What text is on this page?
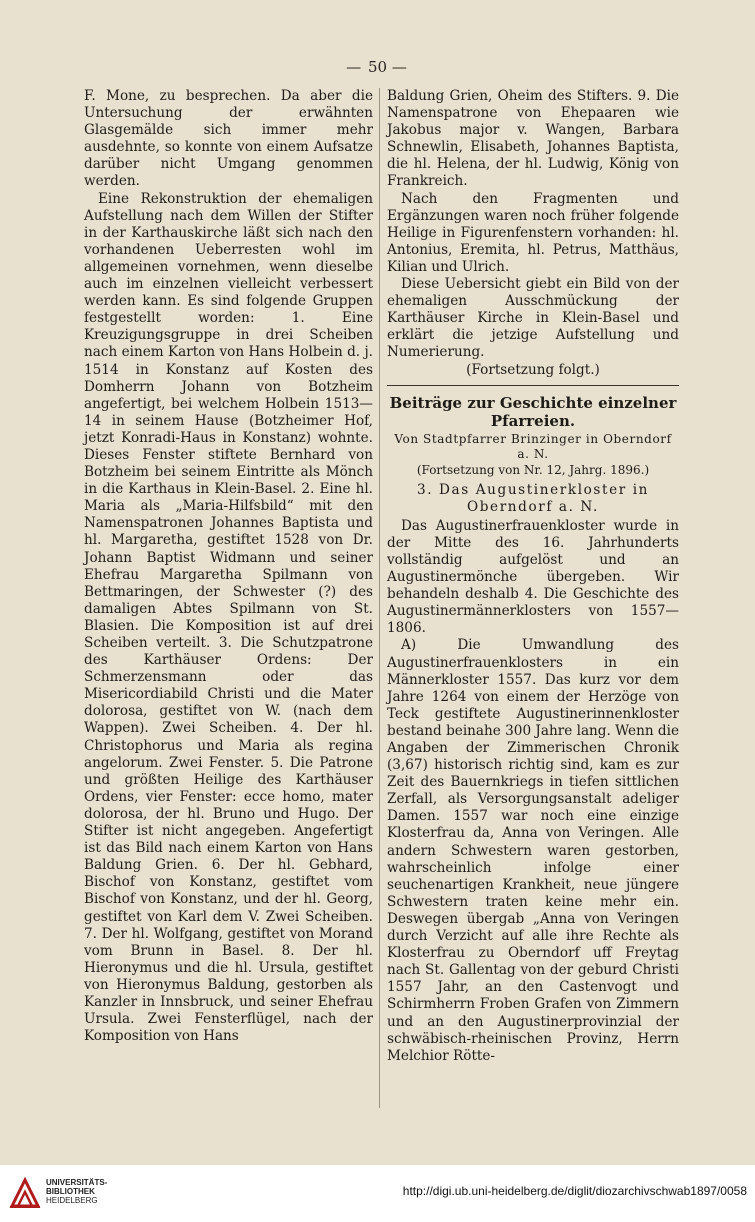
— 50 —

F. Mone, zu besprechen. Da aber die Untersuchung der erwähnten Glasgemälde sich immer mehr ausdehnte, so konnte von einem Aufsatze darüber nicht Umgang genommen werden.

Eine Rekonstruktion der ehemaligen Aufstellung nach dem Willen der Stifter in der Karthauskirche läßt sich nach den vorhandenen Ueberresten wohl im allgemeinen vornehmen, wenn dieselbe auch im einzelnen vielleicht verbessert werden kann. Es sind folgende Gruppen festgestellt worden: 1. Eine Kreuzigungsgruppe in drei Scheiben nach einem Karton von Hans Holbein d. j. 1514 in Konstanz auf Kosten des Domherrn Johann von Botzheim angefertigt, bei welchem Holbein 1513—14 in seinem Hause (Botzheimer Hof, jetzt Konradi-Haus in Konstanz) wohnte. Dieses Fenster stiftete Bernhard von Botzheim bei seinem Eintritte als Mönch in die Karthaus in Klein-Basel. 2. Eine hl. Maria als „Maria-Hilfsbild“ mit den Namenspatronen Johannes Baptista und hl. Margaretha, gestiftet 1528 von Dr. Johann Baptist Widmann und seiner Ehefrau Margaretha Spilmann von Bettmaringen, der Schwester (?) des damaligen Abtes Spilmann von St. Blasien. Die Komposition ist auf drei Scheiben verteilt. 3. Die Schutzpatrone des Karthäuser Ordens: Der Schmerzensmann oder das Misericordiabild Christi und die Mater dolorosa, gestiftet von W. (nach dem Wappen). Zwei Scheiben. 4. Der hl. Christophorus und Maria als regina angelorum. Zwei Fenster. 5. Die Patrone und größten Heilige des Karthäuser Ordens, vier Fenster: ecce homo, mater dolorosa, der hl. Bruno und Hugo. Der Stifter ist nicht angegeben. Angefertigt ist das Bild nach einem Karton von Hans Baldung Grien. 6. Der hl. Gebhard, Bischof von Konstanz, gestiftet vom Bischof von Konstanz, und der hl. Georg, gestiftet von Karl dem V. Zwei Scheiben. 7. Der hl. Wolfgang, gestiftet von Morand vom Brunn in Basel. 8. Der hl. Hieronymus und die hl. Ursula, gestiftet von Hieronymus Baldung, gestorben als Kanzler in Innsbruck, und seiner Ehefrau Ursula. Zwei Fensterflügel, nach der Komposition von Hans

Baldung Grien, Oheim des Stifters. 9. Die Namenspatrone von Ehepaaren wie Jakobus major v. Wangen, Barbara Schnewlin, Elisabeth, Johannes Baptista, die hl. Helena, der hl. Ludwig, König von Frankreich.

Nach den Fragmenten und Ergänzungen waren noch früher folgende Heilige in Figurenfenstern vorhanden: hl. Antonius, Eremita, hl. Petrus, Matthäus, Kilian und Ulrich.

Diese Uebersicht giebt ein Bild von der ehemaligen Ausschmückung der Karthäuser Kirche in Klein-Basel und erklärt die jetzige Aufstellung und Numerierung.

(Fortsetzung folgt.)

Beiträge zur Geschichte einzelner Pfarreien.
Von Stadtpfarrer Brinzinger in Oberndorf a. N.
(Fortsetzung von Nr. 12, Jahrg. 1896.)
3. Das Augustinerkloster in Oberndorf a. N.

Das Augustinerfrauenkloster wurde in der Mitte des 16. Jahrhunderts vollständig aufgelöst und an Augustinermönche übergeben. Wir behandeln deshalb 4. Die Geschichte des Augustinermännerklosters von 1557—1806.

A) Die Umwandlung des Augustinerfrauenklosters in ein Männerkloster 1557. Das kurz vor dem Jahre 1264 von einem der Herzöge von Teck gestiftete Augustinerinnenkloster bestand beinahe 300 Jahre lang. Wenn die Angaben der Zimmerischen Chronik (3,67) historisch richtig sind, kam es zur Zeit des Bauernkriegs in tiefen sittlichen Zerfall, als Versorgungsanstalt adeliger Damen. 1557 war noch eine einzige Klosterfrau da, Anna von Veringen. Alle andern Schwestern waren gestorben, wahrscheinlich infolge einer seuchenartigen Krankheit, neue jüngere Schwestern traten keine mehr ein. Deswegen übergab „Anna von Veringen durch Verzicht auf alle ihre Rechte als Klosterfrau zu Oberndorf uff Freytag nach St. Gallentag von der geburd Christi 1557 Jahr, an den Castenvogt und Schirmherrn Froben Grafen von Zimmern und an den Augustinerprovinzial der schwäbisch-rheinischen Provinz, Herrn Melchior Rötte-

UNIVERSITÄTS-
BIBLIOTHEK
HEIDELBERG
http://digi.ub.uni-heidelberg.de/diglit/diozarchivschwab1897/0058
